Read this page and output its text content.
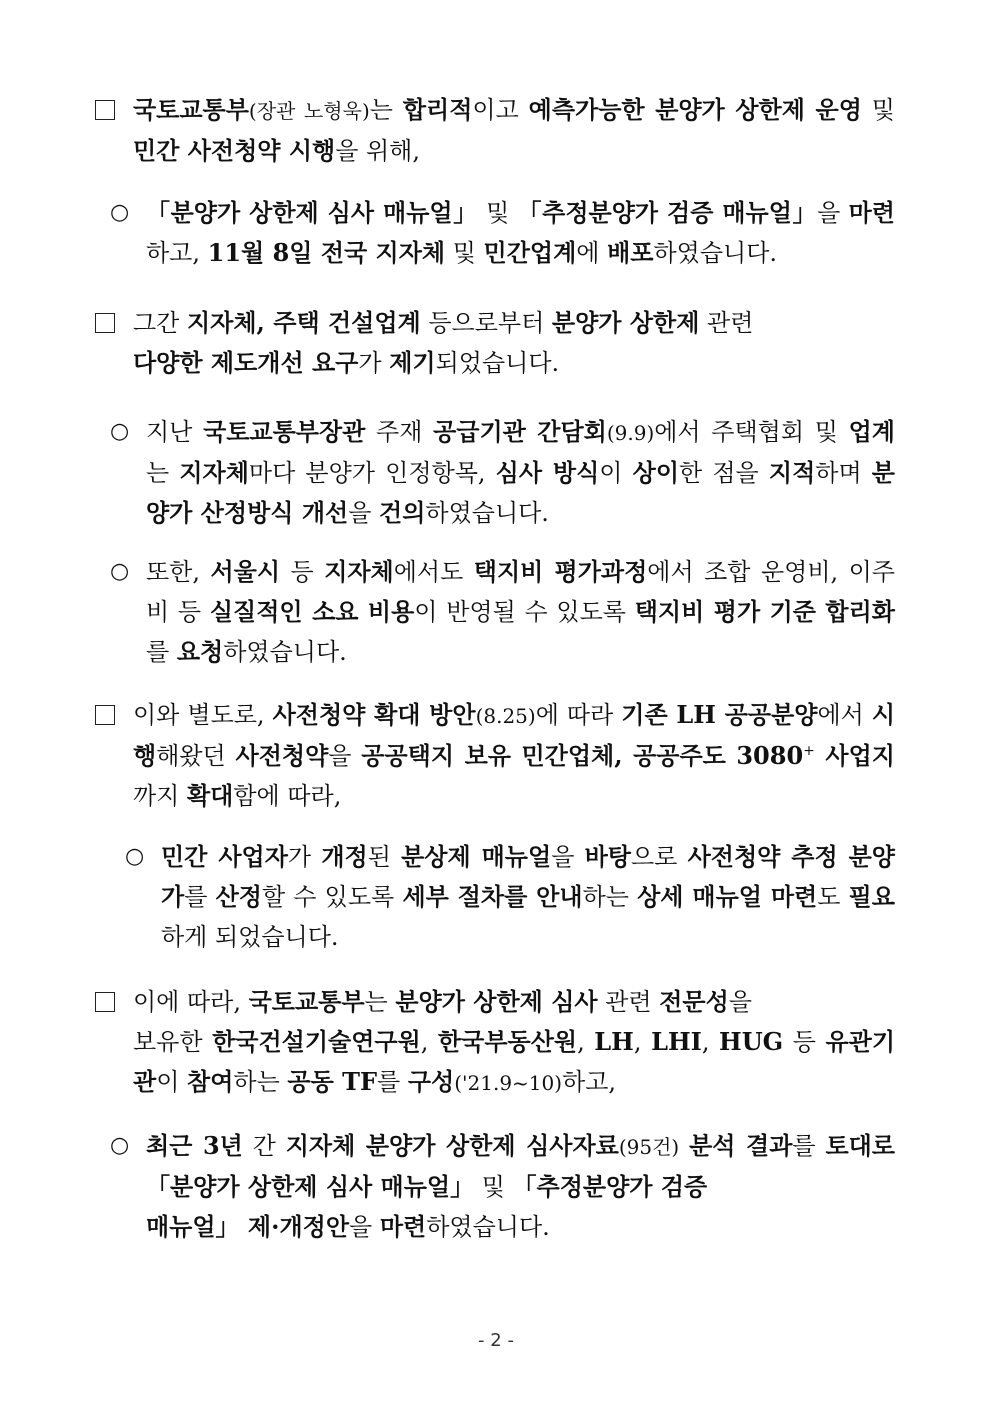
국토교통부(장관 노형욱)는 합리적이고 예측가능한 분양가 상한제 운영 및 민간 사전청약 시행을 위해,
○ 「분양가 상한제 심사 매뉴얼」 및 「추정분양가 검증 매뉴얼」을 마련하고, 11월 8일 전국 지자체 및 민간업계에 배포하였습니다.
그간 지자체, 주택 건설업계 등으로부터 분양가 상한제 관련
다양한 제도개선 요구가 제기되었습니다.
○ 지난 국토교통부장관 주재 공급기관 간담회(9.9)에서 주택협회 및 업계는 지자체마다 분양가 인정항목, 심사 방식이 상이한 점을 지적하며 분양가 산정방식 개선을 건의하였습니다.
○ 또한, 서울시 등 지자체에서도 택지비 평가과정에서 조합 운영비, 이주비 등 실질적인 소요 비용이 반영될 수 있도록 택지비 평가 기준 합리화를 요청하였습니다.
이와 별도로, 사전청약 확대 방안(8.25)에 따라 기존 LH 공공분양에서 시행해왔던 사전청약을 공공택지 보유 민간업체, 공공주도 3080+ 사업지까지 확대함에 따라,
○ 민간 사업자가 개정된 분상제 매뉴얼을 바탕으로 사전청약 추정 분양가를 산정할 수 있도록 세부 절차를 안내하는 상세 매뉴얼 마련도 필요하게 되었습니다.
이에 따라, 국토교통부는 분양가 상한제 심사 관련 전문성을
보유한 한국건설기술연구원, 한국부동산원, LH, LHI, HUG 등 유관기관이 참여하는 공동 TF를 구성('21.9~10)하고,
○ 최근 3년 간 지자체 분양가 상한제 심사자료(95건) 분석 결과를 토대로 「분양가 상한제 심사 매뉴얼」 및 「추정분양가 검증
매뉴얼」 제·개정안을 마련하였습니다.
- 2 -
